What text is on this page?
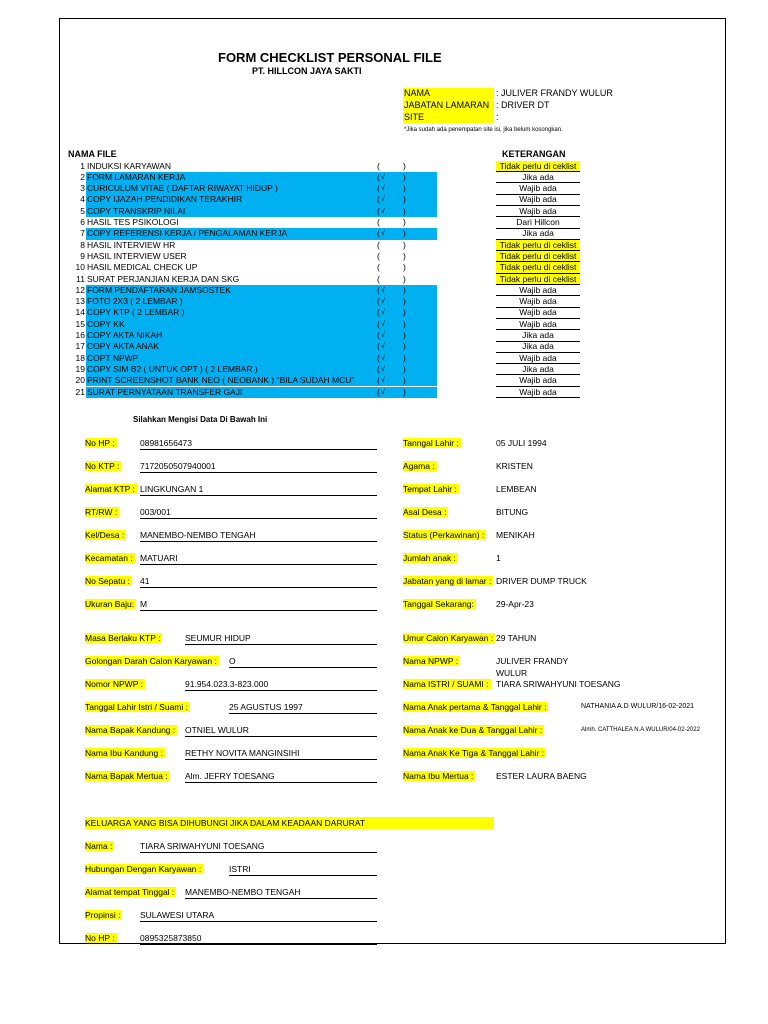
FORM CHECKLIST PERSONAL FILE
PT. HILLCON JAYA SAKTI
NAMA	: JULIVER FRANDY WULUR
JABATAN LAMARAN : DRIVER DT
SITE	:
*Jika sudah ada penempatan site isi, jika belum kosongkan.
NAMA FILE	KETERANGAN
1 INDUKSI KARYAWAN	(	)	Tidak perlu di ceklist
2 FORM LAMARAN KERJA	( √ )	Jika ada
3 CURICULUM VITAE ( DAFTAR RIWAYAT HIDUP )	( √ )	Wajib ada
4 COPY IJAZAH PENDIDIKAN TERAKHIR	( √ )	Wajib ada
5 COPY TRANSKRIP NILAI	( √ )	Wajib ada
6 HASIL TES PSIKOLOGI	(	)	Dari Hillcon
7 COPY REFERENSI KERJA / PENGALAMAN KERJA	( √ )	Jika ada
8 HASIL INTERVIEW HR	(	)	Tidak perlu di ceklist
9 HASIL INTERVIEW USER	(	)	Tidak perlu di ceklist
10 HASIL MEDICAL CHECK UP	(	)	Tidak perlu di ceklist
11 SURAT PERJANJIAN KERJA DAN SKG	(	)	Tidak perlu di ceklist
12 FORM PENDAFTARAN JAMSOSTEK	( √ )	Wajib ada
13 FOTO 2X3 ( 2 LEMBAR )	( √ )	Wajib ada
14 COPY KTP ( 2 LEMBAR )	( √ )	Wajib ada
15 COPY KK	( √ )	Wajib ada
16 COPY AKTA NIKAH	( √ )	Jika ada
17 COPY AKTA ANAK	( √ )	Jika ada
18 COPT NPWP	( √ )	Wajib ada
19 COPY SIM B2 ( UNTUK OPT ) ( 2 LEMBAR )	( √ )	Jika ada
20 PRINT SCREENSHOT BANK NEO ( NEOBANK ) "BILA SUDAH MCU"	( √ )	Wajib ada
21 SURAT PERNYATAAN TRANSFER GAJI	( √ )	Wajib ada
Silahkan Mengisi Data Di Bawah Ini
No HP :	08981656473	Tanngal Lahir :	05 JULI 1994
No KTP : 7172050507940001	Agama :	KRISTEN
Alamat KTP : LINGKUNGAN 1	Tempat Lahir :	LEMBEAN
RT/RW :	003/001	Asal Desa :	BITUNG
Kel/Desa : MANEMBO-NEMBO TENGAH	Status (Perkawinan) : MENIKAH
Kecamatan : MATUARI	Jumlah anak :	1
No Sepatu : 41	Jabatan yang di lamar : DRIVER DUMP TRUCK
Ukuran Baju: M	Tanggal Sekarang:	29-Apr-23
Masa Berlaku KTP :	SEUMUR HIDUP	Umur Calon Karyawan : 29 TAHUN
Golongan Darah Calon Karyawan : O	Nama NPWP :	JULIVER FRANDY WULUR
Nomor NPWP :	91.954.023.3-823.000	Nama ISTRI / SUAMI : TIARA SRIWAHYUNI TOESANG
Tanggal Lahir Istri / Suami :	25 AGUSTUS 1997	Nama Anak pertama & Tanggal Lahir :	NATHANIA A.D WULUR/16-02-2021
Nama Bapak Kandung : OTNIEL WULUR	Nama Anak ke Dua & Tanggal Lahir :	Almh. CATTHALEA N.A WULUR/04-02-2022
Nama Ibu Kandung :	RETHY NOVITA MANGINSIHI	Nama Anak Ke Tiga & Tanggal Lahir :
Nama Bapak Mertua : Alm. JEFRY TOESANG	Nama Ibu Mertua :	ESTER LAURA BAENG
KELUARGA YANG BISA DIHUBUNGI JIKA DALAM KEADAAN DARURAT
Nama :	TIARA SRIWAHYUNI TOESANG
Hubungan Dengan Karyawan :	ISTRI
Alamat tempat Tinggal : MANEMBO-NEMBO TENGAH
Propinsi : SULAWESI UTARA
No HP :	0895325873850
